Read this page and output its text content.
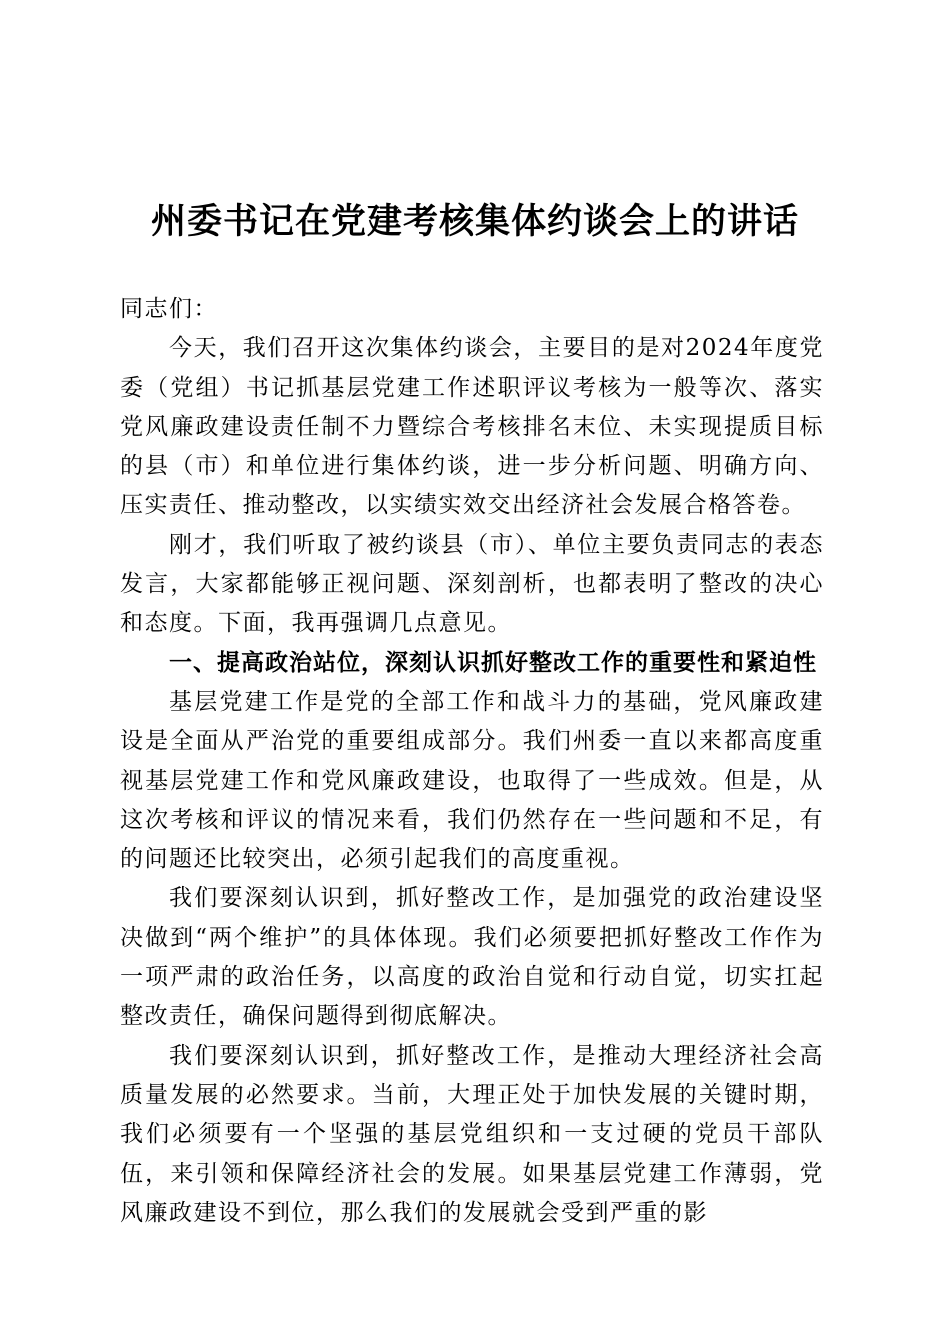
州委书记在党建考核集体约谈会上的讲话

同志们：

今天，我们召开这次集体约谈会，主要目的是对2024年度党委（党组）书记抓基层党建工作述职评议考核为一般等次、落实党风廉政建设责任制不力暨综合考核排名末位、未实现提质目标的县（市）和单位进行集体约谈，进一步分析问题、明确方向、压实责任、推动整改，以实绩实效交出经济社会发展合格答卷。

刚才，我们听取了被约谈县（市）、单位主要负责同志的表态发言，大家都能够正视问题、深刻剖析，也都表明了整改的决心和态度。下面，我再强调几点意见。

一、提高政治站位，深刻认识抓好整改工作的重要性和紧迫性

基层党建工作是党的全部工作和战斗力的基础，党风廉政建设是全面从严治党的重要组成部分。我们州委一直以来都高度重视基层党建工作和党风廉政建设，也取得了一些成效。但是，从这次考核和评议的情况来看，我们仍然存在一些问题和不足，有的问题还比较突出，必须引起我们的高度重视。

我们要深刻认识到，抓好整改工作，是加强党的政治建设坚决做到“两个维护”的具体体现。我们必须要把抓好整改工作作为一项严肃的政治任务，以高度的政治自觉和行动自觉，切实扛起整改责任，确保问题得到彻底解决。

我们要深刻认识到，抓好整改工作，是推动大理经济社会高质量发展的必然要求。当前，大理正处于加快发展的关键时期，我们必须要有一个坚强的基层党组织和一支过硬的党员干部队伍，来引领和保障经济社会的发展。如果基层党建工作薄弱，党风廉政建设不到位，那么我们的发展就会受到严重的影
